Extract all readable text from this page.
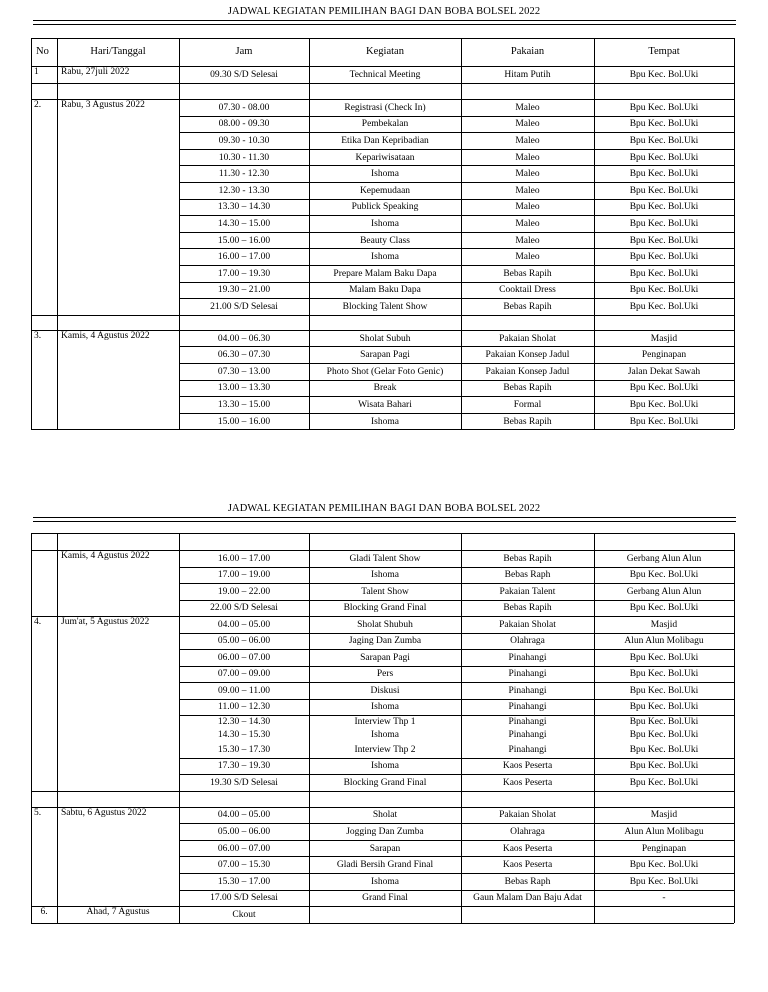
JADWAL KEGIATAN PEMILIHAN BAGI DAN BOBA BOLSEL 2022
No	Hari/Tanggal	Jam	Kegiatan	Pakaian	Tempat
1	Rabu, 27juli 2022	09.30 S/D Selesai	Technical Meeting	Hitam Putih	Bpu Kec. Bol.Uki
2.	Rabu, 3 Agustus 2022	07.30 - 08.00	Registrasi (Check In)	Maleo	Bpu Kec. Bol.Uki
08.00 - 09.30	Pembekalan	Maleo	Bpu Kec. Bol.Uki
09.30 - 10.30	Etika Dan Kepribadian	Maleo	Bpu Kec. Bol.Uki
10.30 - 11.30	Kepariwisataan	Maleo	Bpu Kec. Bol.Uki
11.30 - 12.30	Ishoma	Maleo	Bpu Kec. Bol.Uki
12.30 - 13.30	Kepemudaan	Maleo	Bpu Kec. Bol.Uki
13.30 – 14.30	Publick Speaking	Maleo	Bpu Kec. Bol.Uki
14.30 – 15.00	Ishoma	Maleo	Bpu Kec. Bol.Uki
15.00 – 16.00	Beauty Class	Maleo	Bpu Kec. Bol.Uki
16.00 – 17.00	Ishoma	Maleo	Bpu Kec. Bol.Uki
17.00 – 19.30	Prepare Malam Baku Dapa	Bebas Rapih	Bpu Kec. Bol.Uki
19.30 – 21.00	Malam Baku Dapa	Cooktail Dress	Bpu Kec. Bol.Uki
21.00 S/D Selesai	Blocking Talent Show	Bebas Rapih	Bpu Kec. Bol.Uki
3.	Kamis, 4 Agustus 2022	04.00 – 06.30	Sholat Subuh	Pakaian Sholat	Masjid
06.30 – 07.30	Sarapan Pagi	Pakaian Konsep Jadul	Penginapan
07.30 – 13.00	Photo Shot (Gelar Foto Genic)	Pakaian Konsep Jadul	Jalan Dekat Sawah
13.00 – 13.30	Break	Bebas Rapih	Bpu Kec. Bol.Uki
13.30 – 15.00	Wisata Bahari	Formal	Bpu Kec. Bol.Uki
15.00 – 16.00	Ishoma	Bebas Rapih	Bpu Kec. Bol.Uki
JADWAL KEGIATAN PEMILIHAN BAGI DAN BOBA BOLSEL 2022
Kamis, 4 Agustus 2022	16.00 – 17.00	Gladi Talent Show	Bebas Rapih	Gerbang Alun Alun
17.00 – 19.00	Ishoma	Bebas Raph	Bpu Kec. Bol.Uki
19.00 – 22.00	Talent Show	Pakaian Talent	Gerbang Alun Alun
22.00 S/D Selesai	Blocking Grand Final	Bebas Rapih	Bpu Kec. Bol.Uki
4.	Jum'at, 5 Agustus 2022	04.00 – 05.00	Sholat Shubuh	Pakaian Sholat	Masjid
05.00 – 06.00	Jaging Dan Zumba	Olahraga	Alun Alun Molibagu
06.00 – 07.00	Sarapan Pagi	Pinahangi	Bpu Kec. Bol.Uki
07.00 – 09.00	Pers	Pinahangi	Bpu Kec. Bol.Uki
09.00 – 11.00	Diskusi	Pinahangi	Bpu Kec. Bol.Uki
11.00 – 12.30	Ishoma	Pinahangi	Bpu Kec. Bol.Uki
12.30 – 14.30	Interview Thp 1	Pinahangi	Bpu Kec. Bol.Uki
14.30 – 15.30	Ishoma	Pinahangi	Bpu Kec. Bol.Uki
15.30 – 17.30	Interview Thp 2	Pinahangi	Bpu Kec. Bol.Uki
17.30 – 19.30	Ishoma	Kaos Peserta	Bpu Kec. Bol.Uki
19.30 S/D Selesai	Blocking Grand Final	Kaos Peserta	Bpu Kec. Bol.Uki
5.	Sabtu, 6 Agustus 2022	04.00 – 05.00	Sholat	Pakaian Sholat	Masjid
05.00 – 06.00	Jogging Dan Zumba	Olahraga	Alun Alun Molibagu
06.00 – 07.00	Sarapan	Kaos Peserta	Penginapan
07.00 – 15.30	Gladi Bersih Grand Final	Kaos Peserta	Bpu Kec. Bol.Uki
15.30 – 17.00	Ishoma	Bebas Raph	Bpu Kec. Bol.Uki
17.00 S/D Selesai	Grand Final	Gaun Malam Dan Baju Adat	-
6.	Ahad, 7 Agustus	Ckout
